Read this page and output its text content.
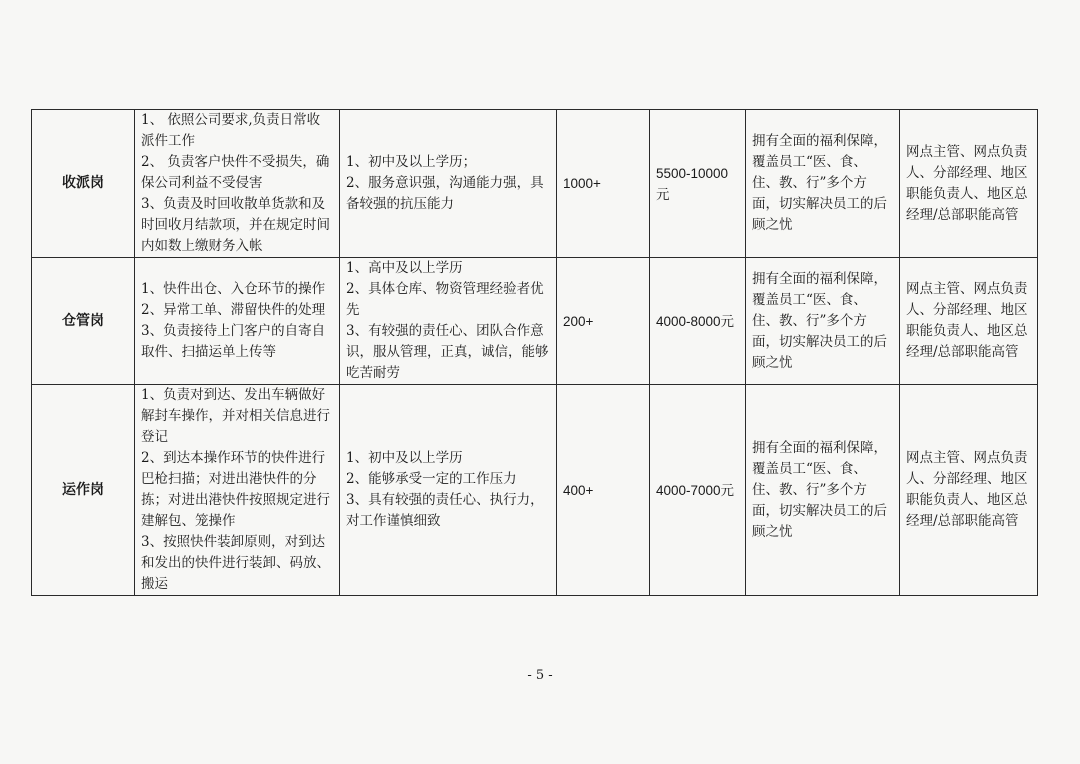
收派岗	1、 依照公司要求,负责日常收派件工作
2、 负责客户快件不受损失，确保公司利益不受侵害
3、负责及时回收散单货款和及时回收月结款项，并在规定时间内如数上缴财务入帐	1、初中及以上学历；
2、服务意识强，沟通能力强，具备较强的抗压能力	1000+	5500-10000元	拥有全面的福利保障，覆盖员工“医、食、住、教、行”多个方面，切实解决员工的后顾之忧	网点主管、网点负责人、分部经理、地区职能负责人、地区总经理/总部职能高管
仓管岗	1、快件出仓、入仓环节的操作
2、异常工单、滞留快件的处理
3、负责接待上门客户的自寄自取件、扫描运单上传等	1、高中及以上学历
2、具体仓库、物资管理经验者优先
3、有较强的责任心、团队合作意识，服从管理，正真，诚信，能够吃苦耐劳	200+	4000-8000元	拥有全面的福利保障，覆盖员工“医、食、住、教、行”多个方面，切实解决员工的后顾之忧	网点主管、网点负责人、分部经理、地区职能负责人、地区总经理/总部职能高管
运作岗	1、负责对到达、发出车辆做好解封车操作，并对相关信息进行登记
2、到达本操作环节的快件进行巴枪扫描；对进出港快件的分拣；对进出港快件按照规定进行建解包、笼操作
3、按照快件装卸原则，对到达和发出的快件进行装卸、码放、搬运	1、初中及以上学历
2、能够承受一定的工作压力
3、具有较强的责任心、执行力，对工作谨慎细致	400+	4000-7000元	拥有全面的福利保障，覆盖员工“医、食、住、教、行”多个方面，切实解决员工的后顾之忧	网点主管、网点负责人、分部经理、地区职能负责人、地区总经理/总部职能高管
- 5 -
